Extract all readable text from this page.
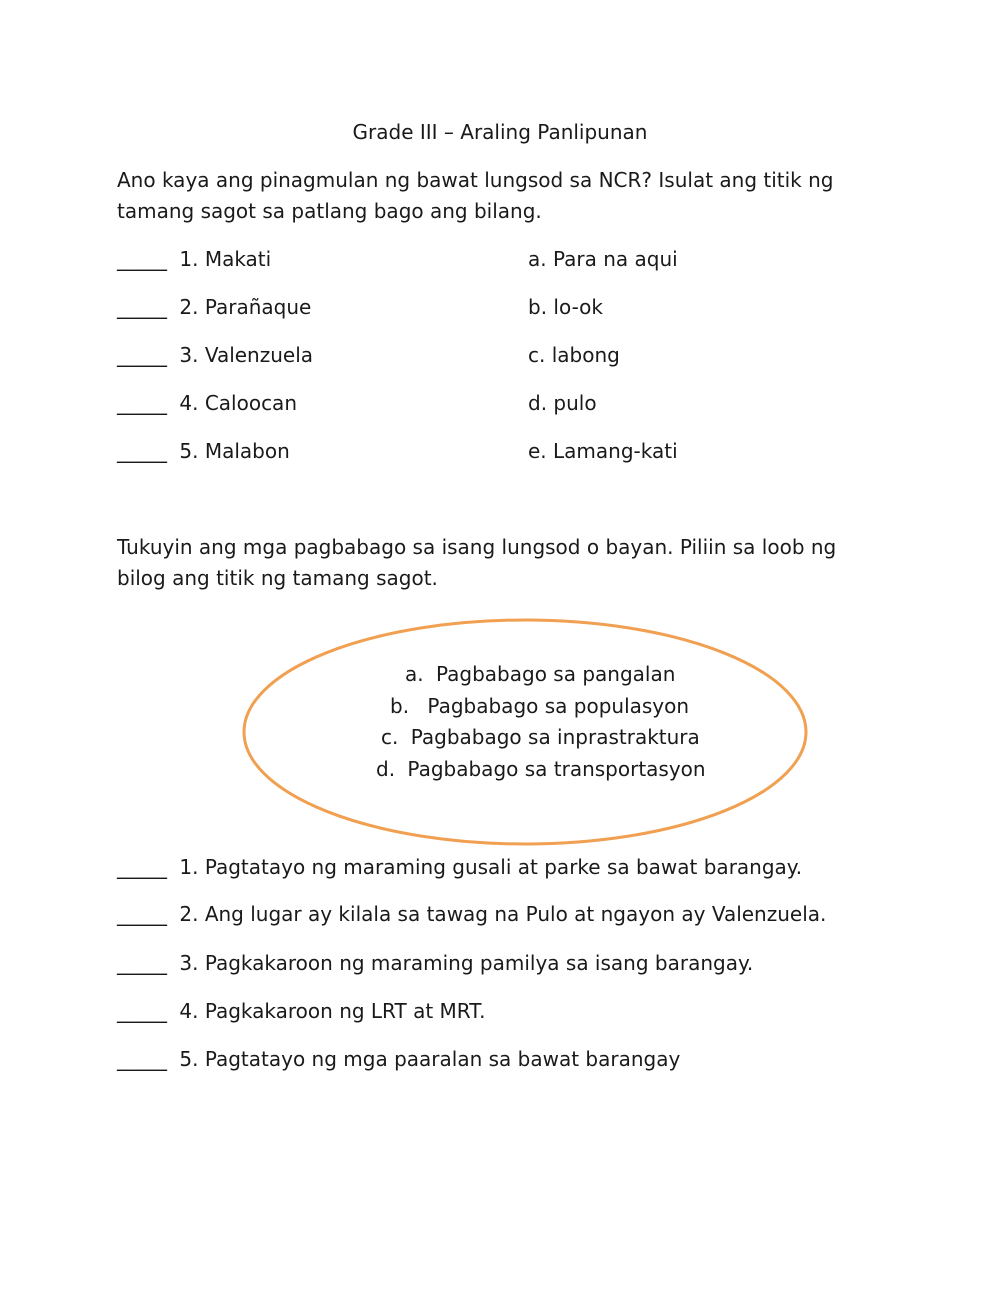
Grade III – Araling Panlipunan
Ano kaya ang pinagmulan ng bawat lungsod sa NCR? Isulat ang titik ng tamang sagot sa patlang bago ang bilang.
_____ 1. Makati
_____ 2. Parañaque
_____ 3. Valenzuela
_____ 4. Caloocan
_____ 5. Malabon
a. Para na aqui
b. lo-ok
c. labong
d. pulo
e. Lamang-kati
Tukuyin ang mga pagbabago sa isang lungsod o bayan. Piliin sa loob ng bilog ang titik ng tamang sagot.
a. Pagbabago sa pangalan
b. Pagbabago sa populasyon
c. Pagbabago sa inprastraktura
d. Pagbabago sa transportasyon
_____ 1. Pagtatayo ng maraming gusali at parke sa bawat barangay.
_____ 2. Ang lugar ay kilala sa tawag na Pulo at ngayon ay Valenzuela.
_____ 3. Pagkakaroon ng maraming pamilya sa isang barangay.
_____ 4. Pagkakaroon ng LRT at MRT.
_____ 5. Pagtatayo ng mga paaralan sa bawat barangay
